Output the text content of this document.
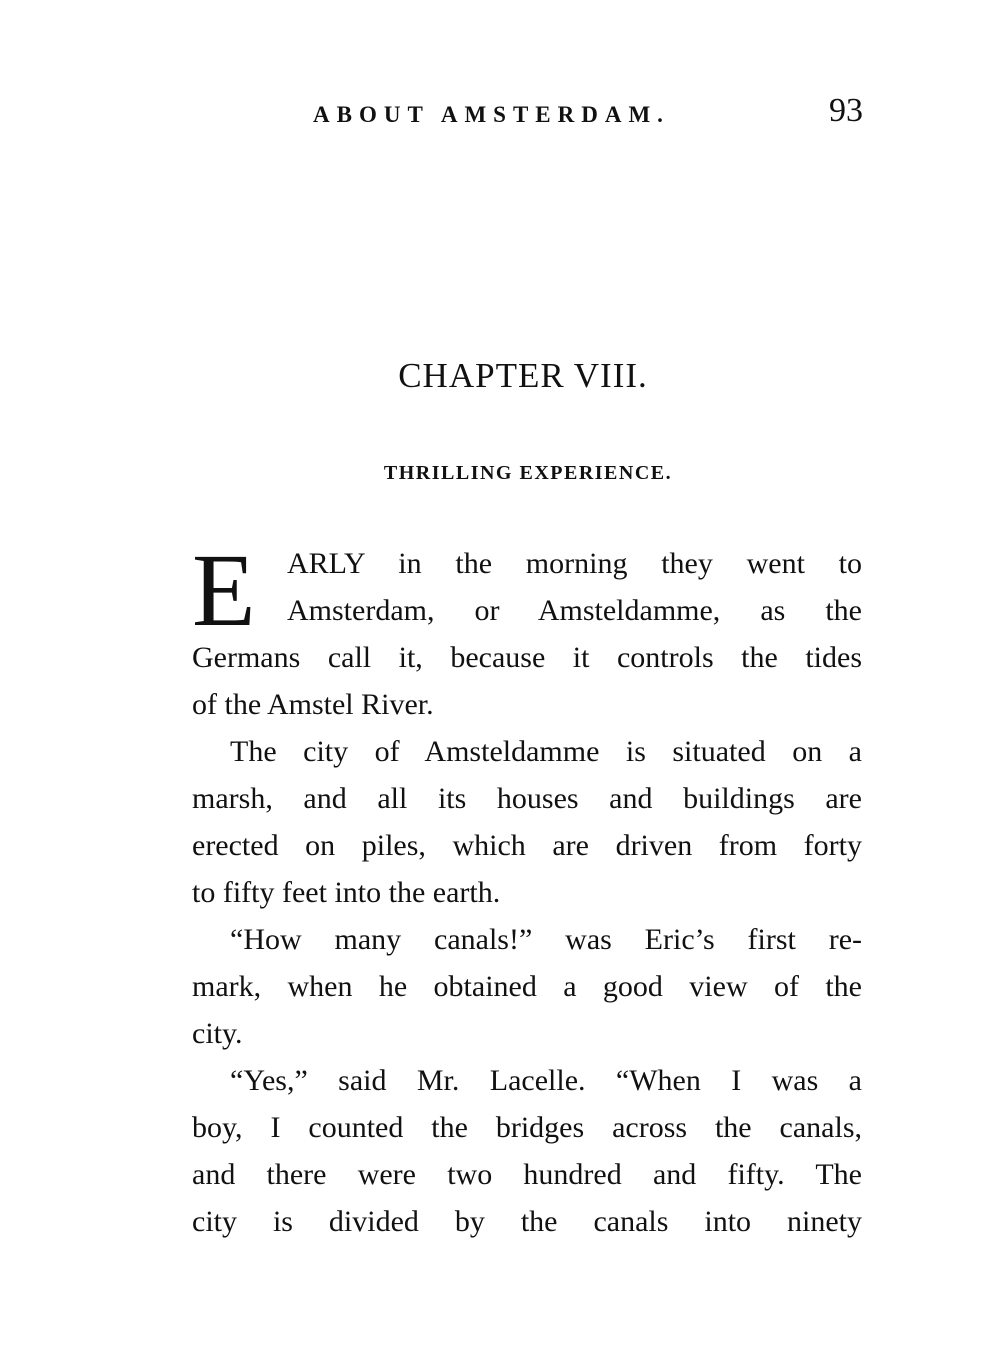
ABOUT AMSTERDAM.	93
CHAPTER VIII.
THRILLING EXPERIENCE.
E	ARLY in the morning they went to
Amsterdam, or Amsteldamme, as the
Germans call it, because it controls the tides
of the Amstel River.
The city of Amsteldamme is situated on a
marsh, and all its houses and buildings are
erected on piles, which are driven from forty
to fifty feet into the earth.
“How many canals!” was Eric’s first re-
mark, when he obtained a good view of the
city.
“Yes,” said Mr. Lacelle. “When I was a
boy, I counted the bridges across the canals,
and there were two hundred and fifty. The
city is divided by the canals into ninety
